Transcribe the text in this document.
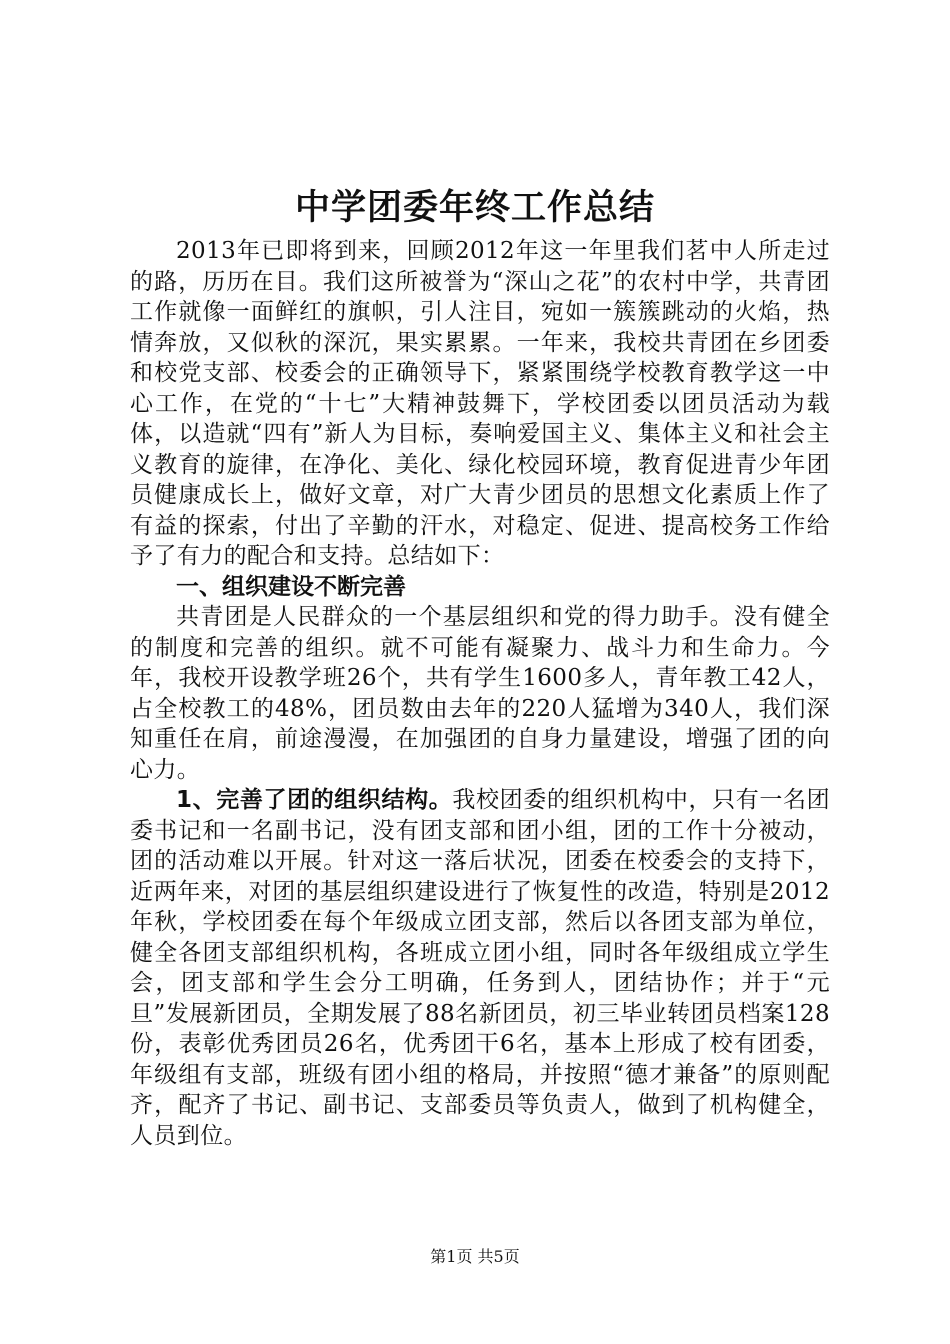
中学团委年终工作总结

2013年已即将到来，回顾2012年这一年里我们茗中人所走过的路，历历在目。我们这所被誉为“深山之花”的农村中学，共青团工作就像一面鲜红的旗帜，引人注目，宛如一簇簇跳动的火焰，热情奔放，又似秋的深沉，果实累累。一年来，我校共青团在乡团委和校党支部、校委会的正确领导下，紧紧围绕学校教育教学这一中心工作，在党的“十七”大精神鼓舞下，学校团委以团员活动为载体，以造就“四有”新人为目标，奏响爱国主义、集体主义和社会主义教育的旋律，在净化、美化、绿化校园环境，教育促进青少年团员健康成长上，做好文章，对广大青少团员的思想文化素质上作了有益的探索，付出了辛勤的汗水，对稳定、促进、提高校务工作给予了有力的配合和支持。总结如下：

一、组织建设不断完善

共青团是人民群众的一个基层组织和党的得力助手。没有健全的制度和完善的组织。就不可能有凝聚力、战斗力和生命力。今年，我校开设教学班26个，共有学生1600多人，青年教工42人，占全校教工的48%，团员数由去年的220人猛增为340人，我们深知重任在肩，前途漫漫，在加强团的自身力量建设，增强了团的向心力。

1、完善了团的组织结构。我校团委的组织机构中，只有一名团委书记和一名副书记，没有团支部和团小组，团的工作十分被动，团的活动难以开展。针对这一落后状况，团委在校委会的支持下，近两年来，对团的基层组织建设进行了恢复性的改造，特别是2012年秋，学校团委在每个年级成立团支部，然后以各团支部为单位，健全各团支部组织机构，各班成立团小组，同时各年级组成立学生会，团支部和学生会分工明确，任务到人，团结协作；并于“元旦”发展新团员，全期发展了88名新团员，初三毕业转团员档案128份，表彰优秀团员26名，优秀团干6名，基本上形成了校有团委，年级组有支部，班级有团小组的格局，并按照“德才兼备”的原则配齐，配齐了书记、副书记、支部委员等负责人，做到了机构健全，人员到位。

第1页 共5页
